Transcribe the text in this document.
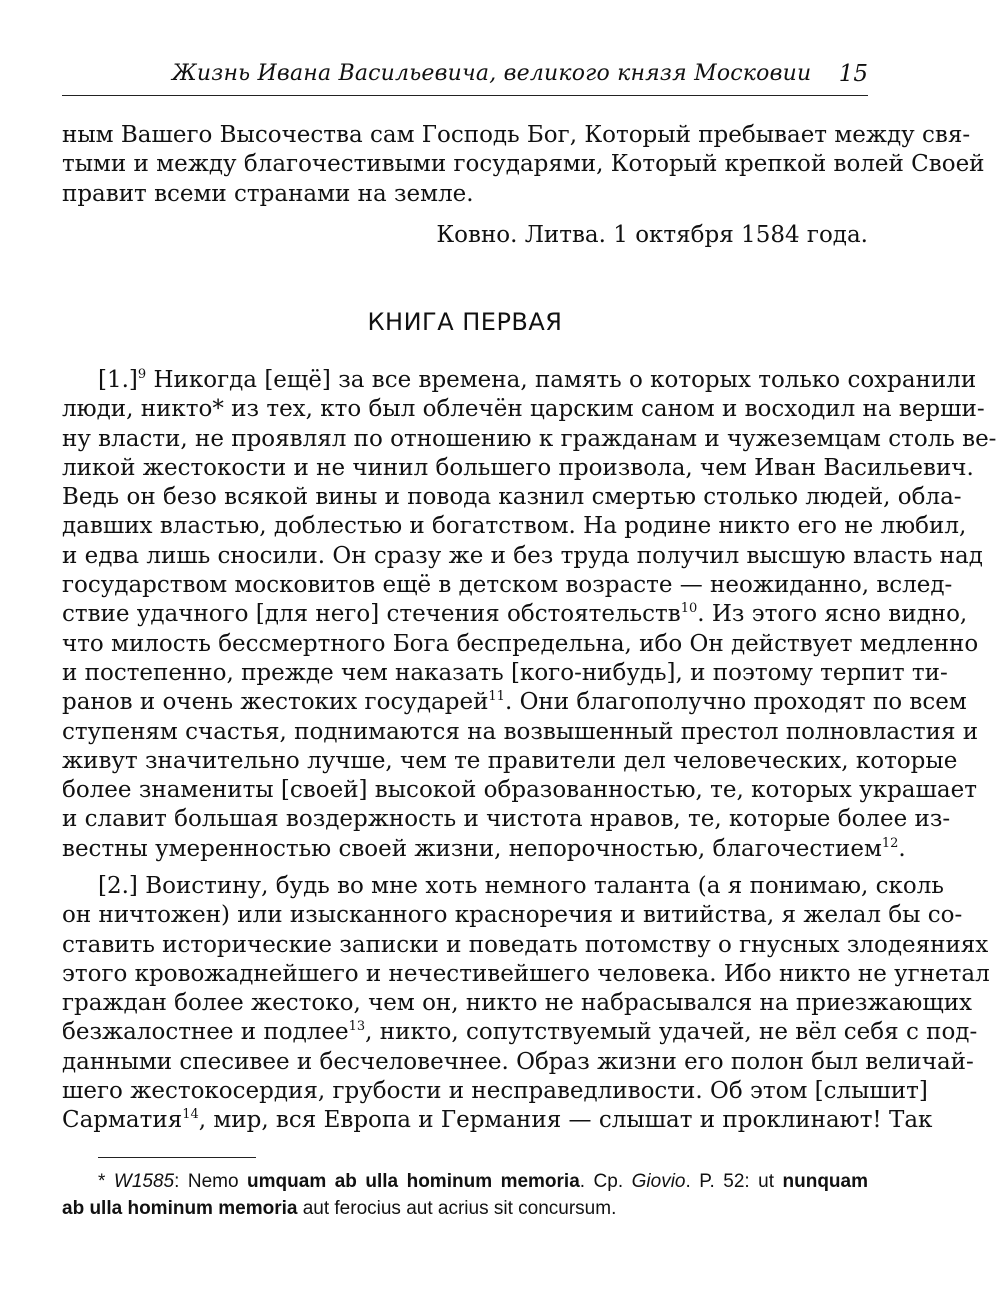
Жизнь Ивана Васильевича, великого князя Московии 15
ным Вашего Высочества сам Господь Бог, Который пребывает между свя-
тыми и между благочестивыми государями, Который крепкой волей Своей
правит всеми странами на земле.
Ковно. Литва. 1 октября 1584 года.
КНИГА ПЕРВАЯ
$[1.]^9$ Никогда [ещё] за все времена, память о которых только сохранили
люди, никто* из тех, кто был облечён царским саном и восходил на верши-
ну власти, не проявлял по отношению к гражданам и чужеземцам столь ве-
ликой жестокости и не чинил большего произвола, чем Иван Васильевич.
Ведь он безо всякой вины и повода казнил смертью столько людей, обла-
давших властью, доблестью и богатством. На родине никто его не любил,
и едва лишь сносили. Он сразу же и без труда получил высшую власть над
государством московитов ещё в детском возрасте — неожиданно, вслед-
ствие удачного [для него] стечения обстоятельств$^{10}$. Из этого ясно видно,
что милость бессмертного Бога беспредельна, ибо Он действует медленно
и постепенно, прежде чем наказать [кого-нибудь], и поэтому терпит ти-
ранов и очень жестоких государей$^{11}$. Они благополучно проходят по всем
ступеням счастья, поднимаются на возвышенный престол полновластия и
живут значительно лучше, чем те правители дел человеческих, которые
более знамениты [своей] высокой образованностью, те, которых украшает
и славит большая воздержность и чистота нравов, те, которые более из-
вестны умеренностью своей жизни, непорочностью, благочестием$^{12}$.
[2.] Воистину, будь во мне хоть немного таланта (а я понимаю, сколь
он ничтожен) или изысканного красноречия и витийства, я желал бы со-
ставить исторические записки и поведать потомству о гнусных злодеяниях
этого кровожаднейшего и нечестивейшего человека. Ибо никто не угнетал
граждан более жестоко, чем он, никто не набрасывался на приезжающих
безжалостнее и подлее$^{13}$, никто, сопутствуемый удачей, не вёл себя с под-
данными спесивее и бесчеловечнее. Образ жизни его полон был величай-
шего жестокосердия, грубости и несправедливости. Об этом [слышит]
Сарматия$^{14}$, мир, вся Европа и Германия — слышат и проклинают! Так
* W1585: Nemo umquam ab ulla hominum memoria. Cp. Giovio. P. 52: ut nunquam
ab ulla hominum memoria aut ferocius aut acrius sit concursum.
